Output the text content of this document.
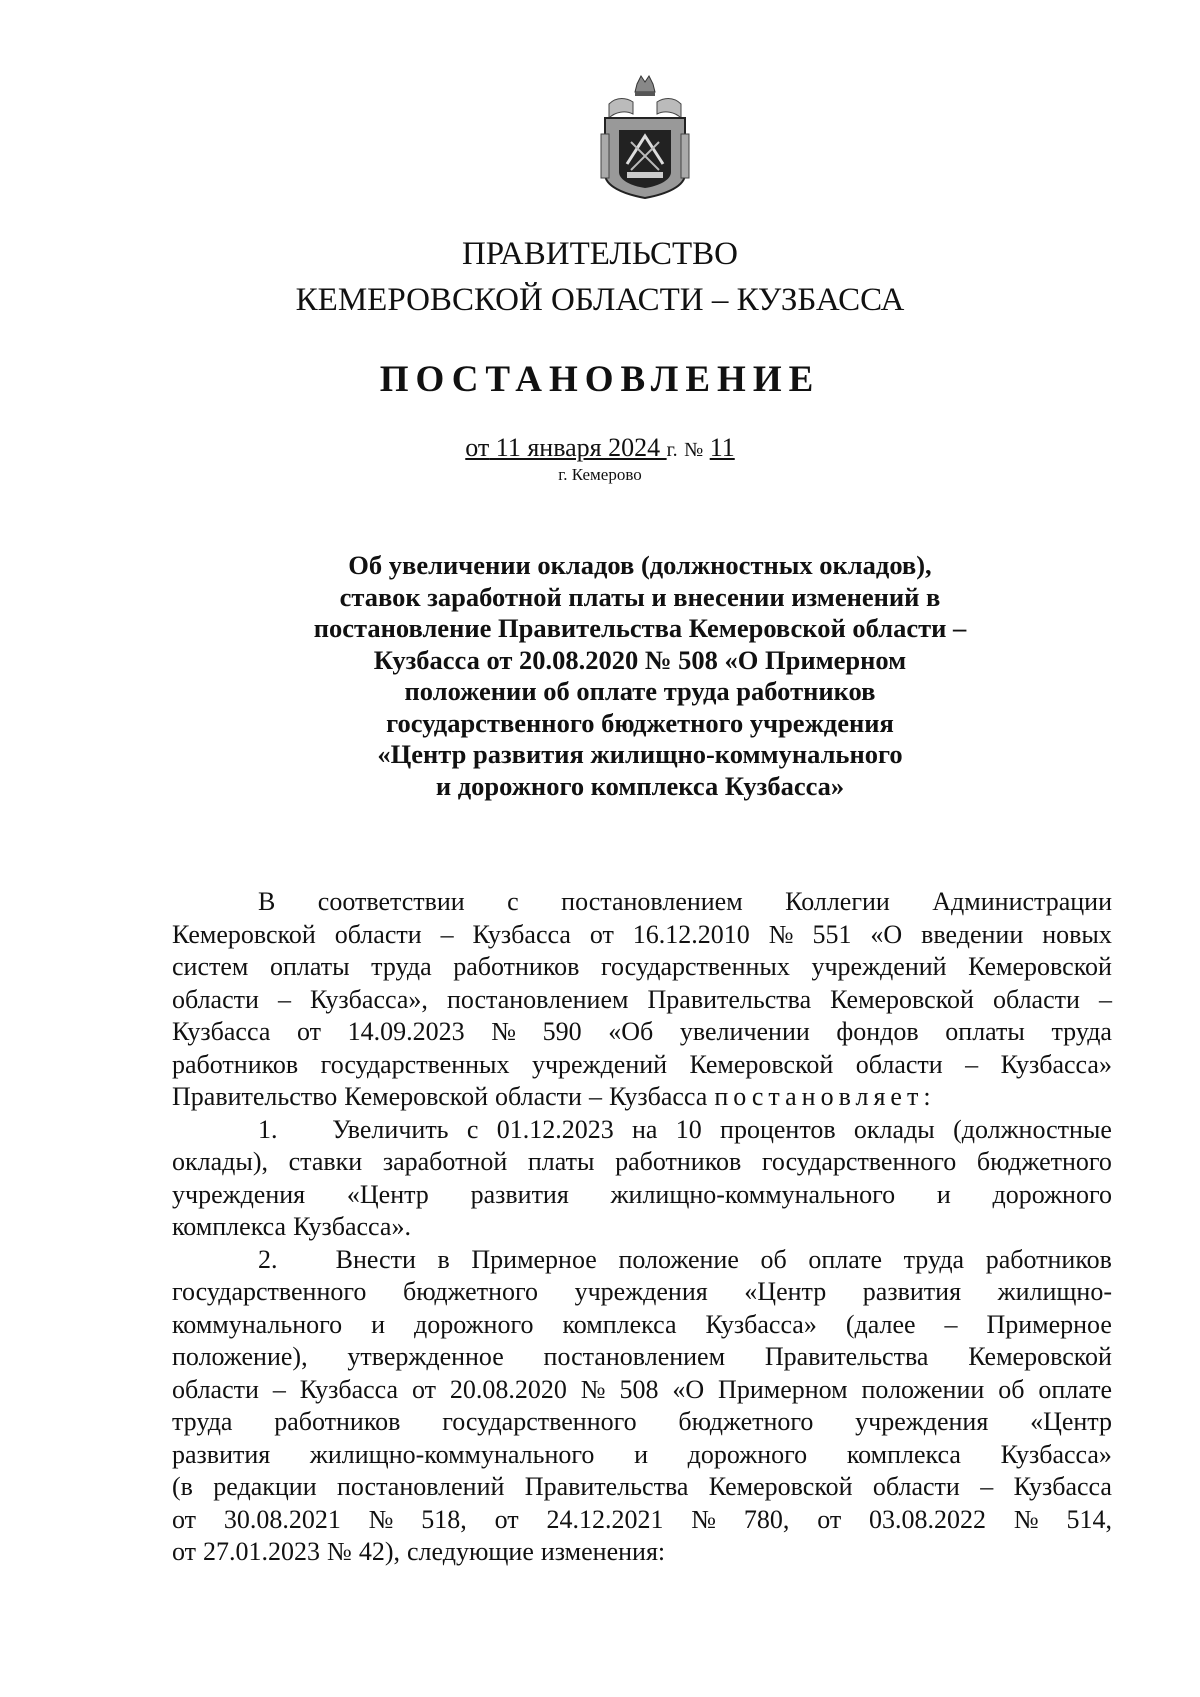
ПРАВИТЕЛЬСТВО
КЕМЕРОВСКОЙ ОБЛАСТИ – КУЗБАССА
ПОСТАНОВЛЕНИЕ
от 11 января 2024 г. № 11
г. Кемерово
Об увеличении окладов (должностных окладов),
ставок заработной платы и внесении изменений в
постановление Правительства Кемеровской области –
Кузбасса от 20.08.2020 № 508 «О Примерном
положении об оплате труда работников
государственного бюджетного учреждения
«Центр развития жилищно-коммунального
и дорожного комплекса Кузбасса»
В соответствии с постановлением Коллегии Администрации
Кемеровской области – Кузбасса от 16.12.2010 № 551 «О введении новых
систем оплаты труда работников государственных учреждений Кемеровской
области – Кузбасса», постановлением Правительства Кемеровской области –
Кузбасса от 14.09.2023 № 590 «Об увеличении фондов оплаты труда
работников государственных учреждений Кемеровской области – Кузбасса»
Правительство Кемеровской области – Кузбасса постановляет:
1.	Увеличить с 01.12.2023 на 10 процентов оклады (должностные
оклады), ставки заработной платы работников государственного бюджетного
учреждения «Центр развития жилищно-коммунального и дорожного
комплекса Кузбасса».
2.	Внести в Примерное положение об оплате труда работников
государственного бюджетного учреждения «Центр развития жилищно-
коммунального и дорожного комплекса Кузбасса» (далее – Примерное
положение), утвержденное постановлением Правительства Кемеровской
области – Кузбасса от 20.08.2020 № 508 «О Примерном положении об оплате
труда работников государственного бюджетного учреждения «Центр
развития жилищно-коммунального и дорожного комплекса Кузбасса»
(в редакции постановлений Правительства Кемеровской области – Кузбасса
от 30.08.2021 № 518, от 24.12.2021 № 780, от 03.08.2022 № 514,
от 27.01.2023 № 42), следующие изменения:
